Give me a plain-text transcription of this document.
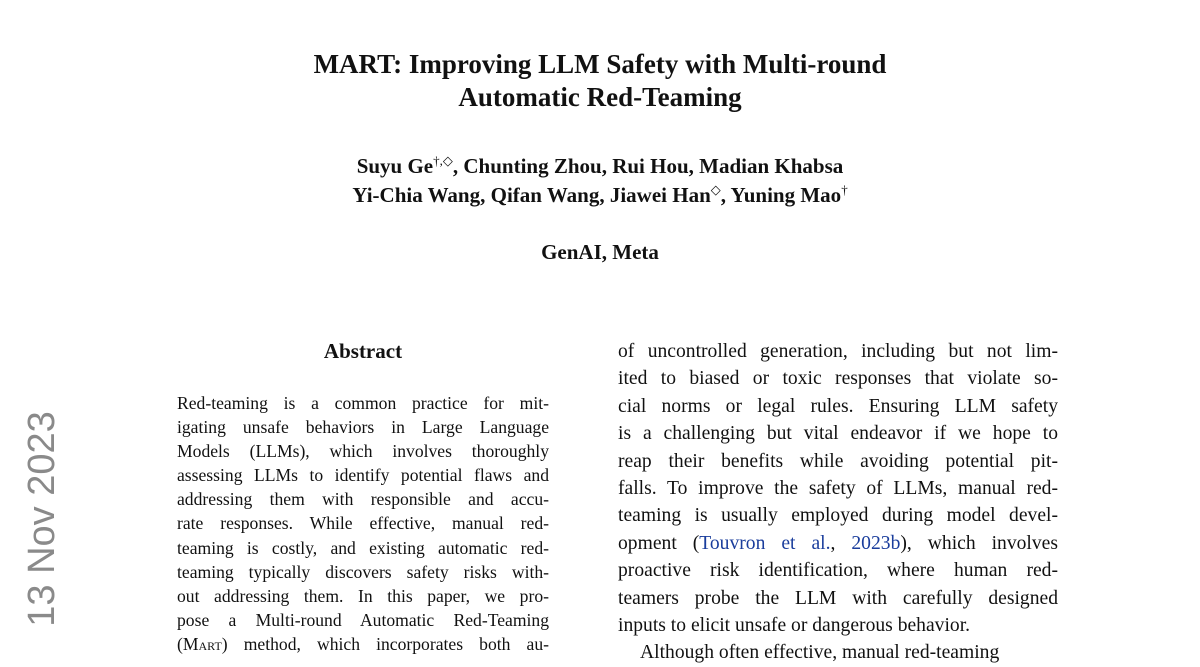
13 Nov 2023
MART: Improving LLM Safety with Multi-round
Automatic Red-Teaming
Suyu Ge†,◇, Chunting Zhou, Rui Hou, Madian Khabsa
Yi-Chia Wang, Qifan Wang, Jiawei Han◇, Yuning Mao†
GenAI, Meta
Abstract
Red-teaming is a common practice for mit-
igating unsafe behaviors in Large Language
Models (LLMs), which involves thoroughly
assessing LLMs to identify potential flaws and
addressing them with responsible and accu-
rate responses. While effective, manual red-
teaming is costly, and existing automatic red-
teaming typically discovers safety risks with-
out addressing them. In this paper, we pro-
pose a Multi-round Automatic Red-Teaming
(Mart) method, which incorporates both au-
of uncontrolled generation, including but not lim-
ited to biased or toxic responses that violate so-
cial norms or legal rules. Ensuring LLM safety
is a challenging but vital endeavor if we hope to
reap their benefits while avoiding potential pit-
falls. To improve the safety of LLMs, manual red-
teaming is usually employed during model devel-
opment (Touvron et al., 2023b), which involves
proactive risk identification, where human red-
teamers probe the LLM with carefully designed
inputs to elicit unsafe or dangerous behavior.
Although often effective, manual red-teaming
